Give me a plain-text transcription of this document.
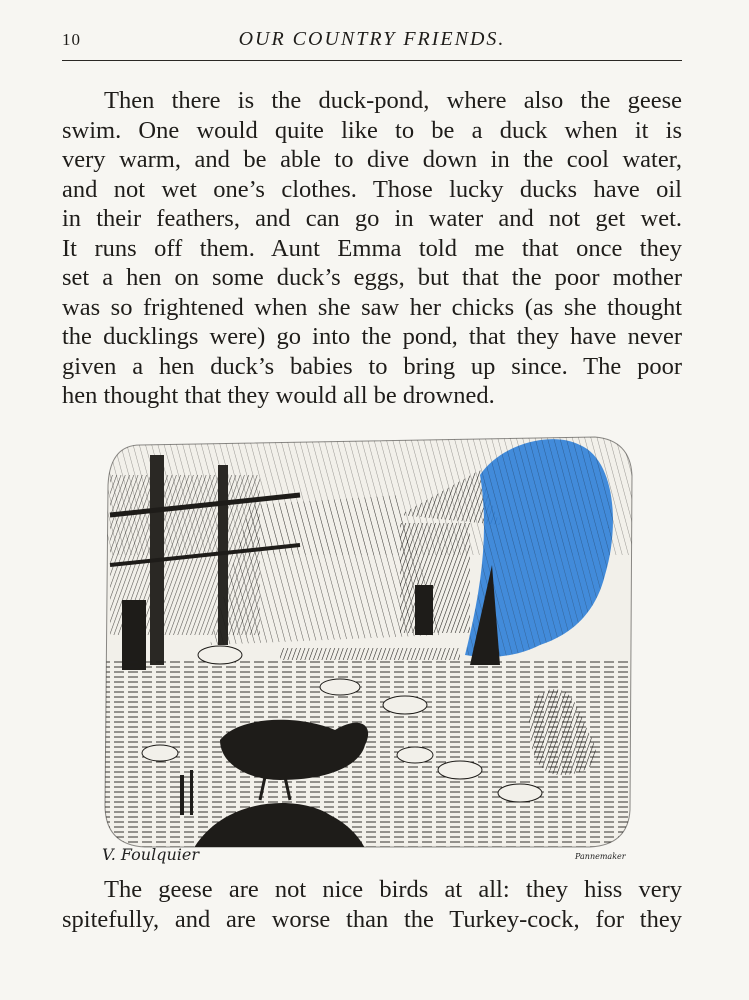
10	OUR COUNTRY FRIENDS.

Then there is the duck-pond, where also the geese
swim. One would quite like to be a duck when it is
very warm, and be able to dive down in the cool water,
and not wet one’s clothes. Those lucky ducks have oil
in their feathers, and can go in water and not get wet.
It runs off them. Aunt Emma told me that once they
set a hen on some duck’s eggs, but that the poor mother
was so frightened when she saw her chicks (as she thought
the ducklings were) go into the pond, that they have never
given a hen duck’s babies to bring up since. The poor
hen thought that they would all be drowned.

V. Foulquier	Pannemaker

The geese are not nice birds at all: they hiss very
spitefully, and are worse than the Turkey-cock, for they
